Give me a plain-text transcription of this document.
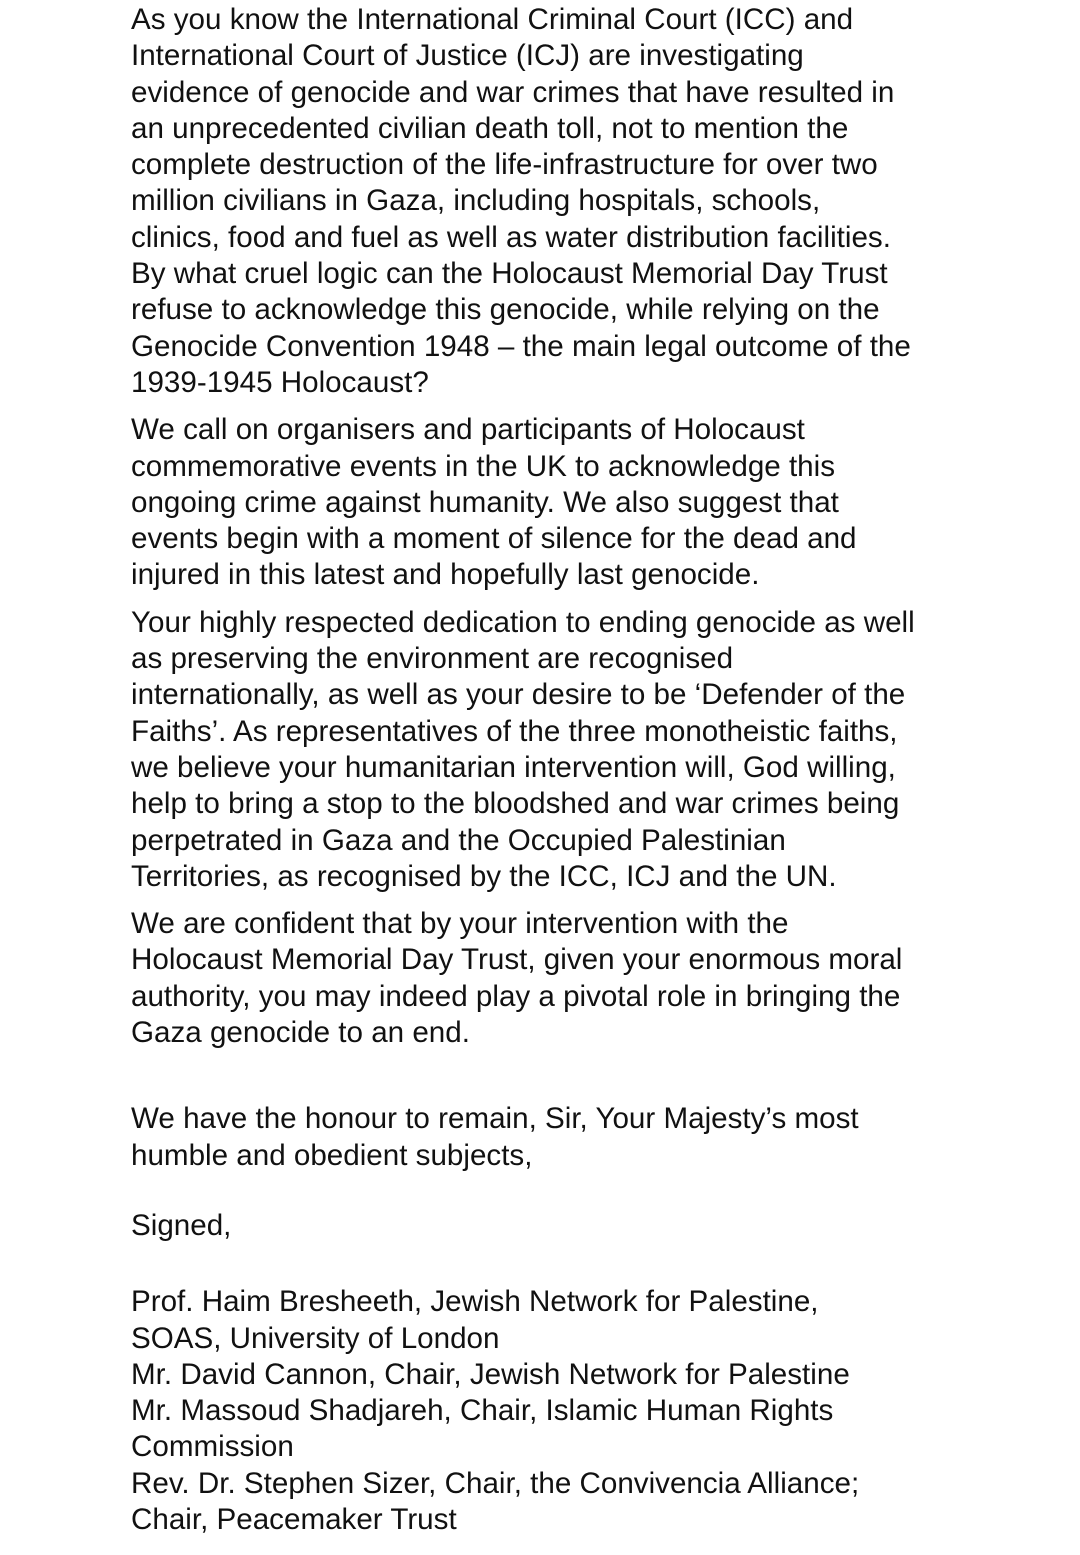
As you know the International Criminal Court (ICC) and
International Court of Justice (ICJ) are investigating
evidence of genocide and war crimes that have resulted in
an unprecedented civilian death toll, not to mention the
complete destruction of the life-infrastructure for over two
million civilians in Gaza, including hospitals, schools,
clinics, food and fuel as well as water distribution facilities.
By what cruel logic can the Holocaust Memorial Day Trust
refuse to acknowledge this genocide, while relying on the
Genocide Convention 1948 – the main legal outcome of the
1939-1945 Holocaust?

We call on organisers and participants of Holocaust
commemorative events in the UK to acknowledge this
ongoing crime against humanity. We also suggest that
events begin with a moment of silence for the dead and
injured in this latest and hopefully last genocide.

Your highly respected dedication to ending genocide as well
as preserving the environment are recognised
internationally, as well as your desire to be ‘Defender of the
Faiths’. As representatives of the three monotheistic faiths,
we believe your humanitarian intervention will, God willing,
help to bring a stop to the bloodshed and war crimes being
perpetrated in Gaza and the Occupied Palestinian
Territories, as recognised by the ICC, ICJ and the UN.

We are confident that by your intervention with the
Holocaust Memorial Day Trust, given your enormous moral
authority, you may indeed play a pivotal role in bringing the
Gaza genocide to an end.

We have the honour to remain, Sir, Your Majesty’s most
humble and obedient subjects,

Signed,

Prof. Haim Bresheeth, Jewish Network for Palestine,
SOAS, University of London
Mr. David Cannon, Chair, Jewish Network for Palestine
Mr. Massoud Shadjareh, Chair, Islamic Human Rights
Commission
Rev. Dr. Stephen Sizer, Chair, the Convivencia Alliance;
Chair, Peacemaker Trust
